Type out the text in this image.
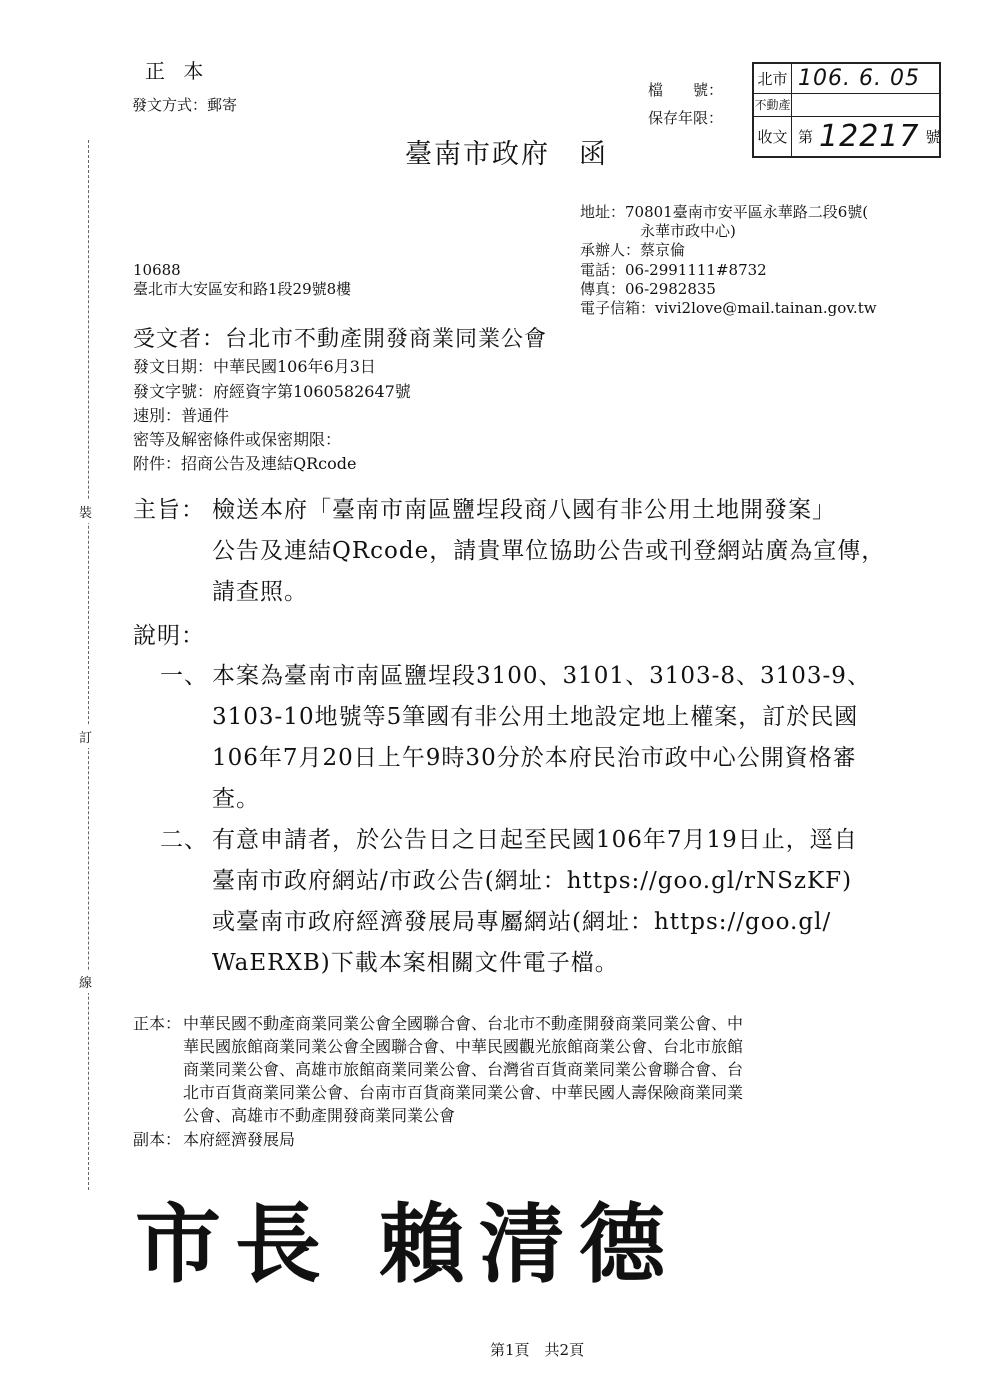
裝
訂
線
正 本
發文方式：郵寄
檔　　號：
保存年限：
北市 106. 6. 05
不動產
收文 第 12217 號
臺南市政府　函
地址：70801臺南市安平區永華路二段6號(
永華市政中心)
承辦人：蔡京倫
電話：06-2991111#8732
傳真：06-2982835
電子信箱：vivi2love@mail.tainan.gov.tw
10688
臺北市大安區安和路1段29號8樓
受文者：台北市不動產開發商業同業公會
發文日期：中華民國106年6月3日
發文字號：府經資字第1060582647號
速別：普通件
密等及解密條件或保密期限：
附件：招商公告及連結QRcode
主旨： 檢送本府「臺南市南區鹽埕段商八國有非公用土地開發案」
公告及連結QRcode，請貴單位協助公告或刊登網站廣為宣傳，
請查照。
說明：
一、 本案為臺南市南區鹽埕段3100、3101、3103-8、3103-9、
3103-10地號等5筆國有非公用土地設定地上權案，訂於民國
106年7月20日上午9時30分於本府民治市政中心公開資格審
查。
二、 有意申請者，於公告日之日起至民國106年7月19日止，逕自
臺南市政府網站/市政公告(網址：https://goo.gl/rNSzKF)
或臺南市政府經濟發展局專屬網站(網址：https://goo.gl/
WaERXB)下載本案相關文件電子檔。
正本： 中華民國不動產商業同業公會全國聯合會、台北市不動產開發商業同業公會、中
華民國旅館商業同業公會全國聯合會、中華民國觀光旅館商業公會、台北市旅館
商業同業公會、高雄市旅館商業同業公會、台灣省百貨商業同業公會聯合會、台
北市百貨商業同業公會、台南市百貨商業同業公會、中華民國人壽保險商業同業
公會、高雄市不動產開發商業同業公會
副本： 本府經濟發展局
市長 賴清德
第1頁　共2頁
